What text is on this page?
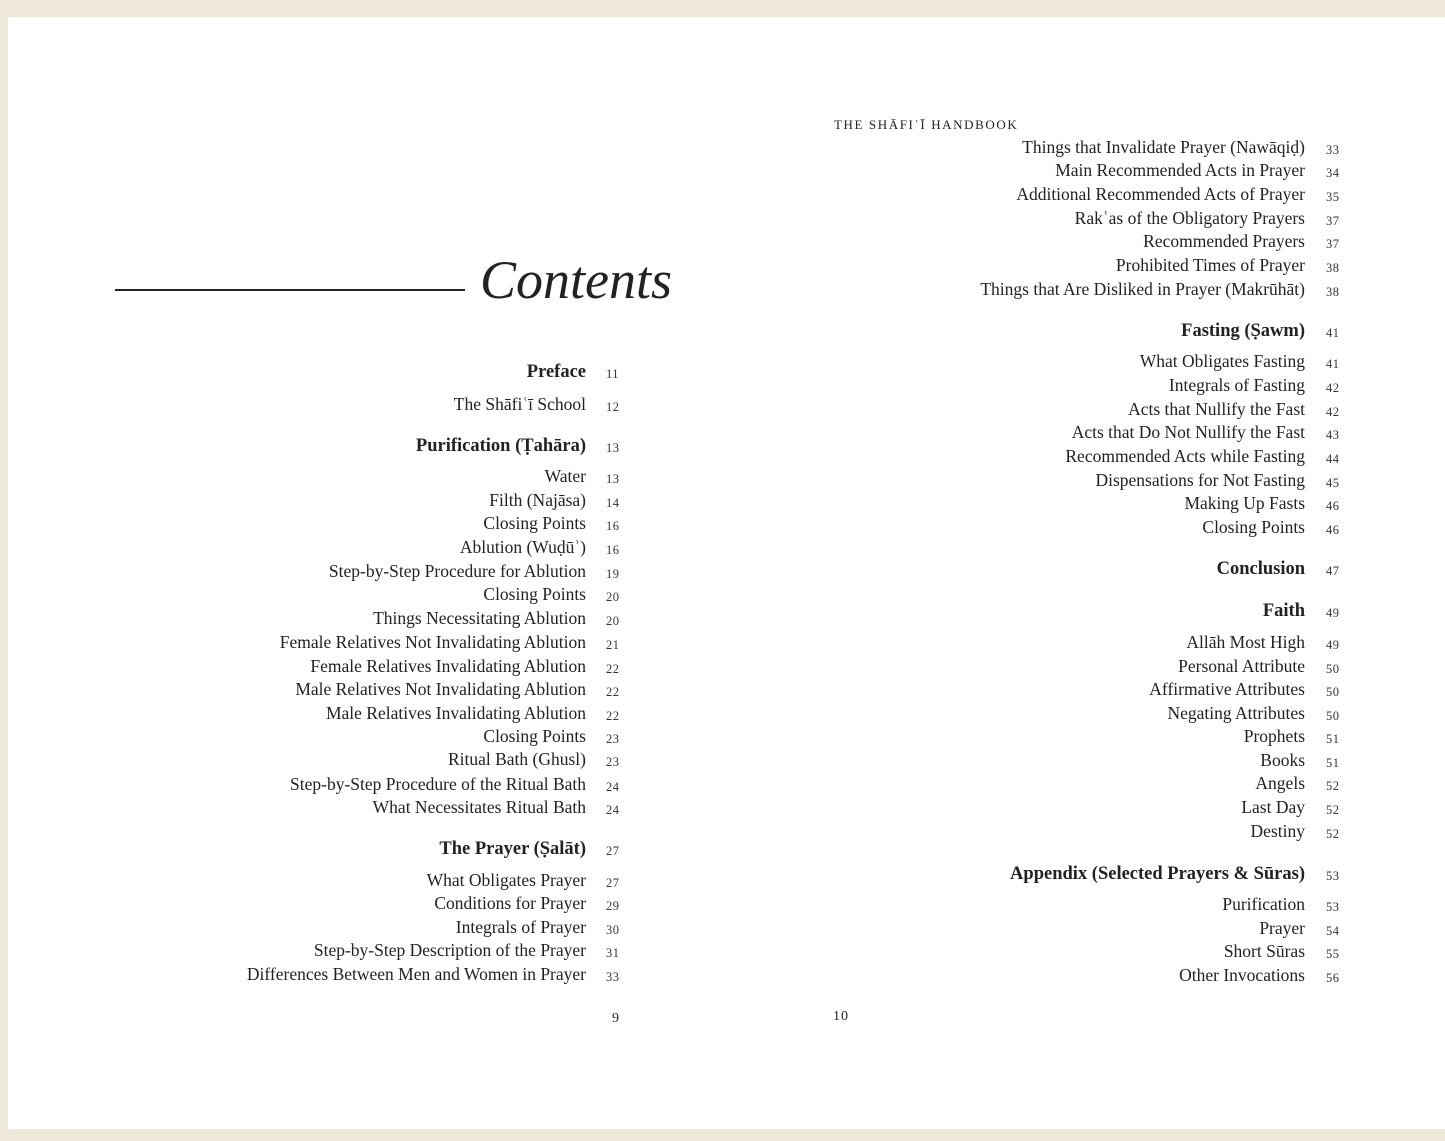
Contents
THE SHĀFIʿĪ HANDBOOK
Preface 11
The Shāfiʿī School 12
Purification (Ṭahāra) 13
Water 13
Filth (Najāsa) 14
Closing Points 16
Ablution (Wuḍūʾ) 16
Step-by-Step Procedure for Ablution 19
Closing Points 20
Things Necessitating Ablution 20
Female Relatives Not Invalidating Ablution 21
Female Relatives Invalidating Ablution 22
Male Relatives Not Invalidating Ablution 22
Male Relatives Invalidating Ablution 22
Closing Points 23
Ritual Bath (Ghusl) 23
Step-by-Step Procedure of the Ritual Bath 24
What Necessitates Ritual Bath 24
The Prayer (Ṣalāt) 27
What Obligates Prayer 27
Conditions for Prayer 29
Integrals of Prayer 30
Step-by-Step Description of the Prayer 31
Differences Between Men and Women in Prayer 33
Things that Invalidate Prayer (Nawāqiḍ) 33
Main Recommended Acts in Prayer 34
Additional Recommended Acts of Prayer 35
Rakʿas of the Obligatory Prayers 37
Recommended Prayers 37
Prohibited Times of Prayer 38
Things that Are Disliked in Prayer (Makrūhāt) 38
Fasting (Ṣawm) 41
What Obligates Fasting 41
Integrals of Fasting 42
Acts that Nullify the Fast 42
Acts that Do Not Nullify the Fast 43
Recommended Acts while Fasting 44
Dispensations for Not Fasting 45
Making Up Fasts 46
Closing Points 46
Conclusion 47
Faith 49
Allāh Most High 49
Personal Attribute 50
Affirmative Attributes 50
Negating Attributes 50
Prophets 51
Books 51
Angels 52
Last Day 52
Destiny 52
Appendix (Selected Prayers & Sūras) 53
Purification 53
Prayer 54
Short Sūras 55
Other Invocations 56
9	10
